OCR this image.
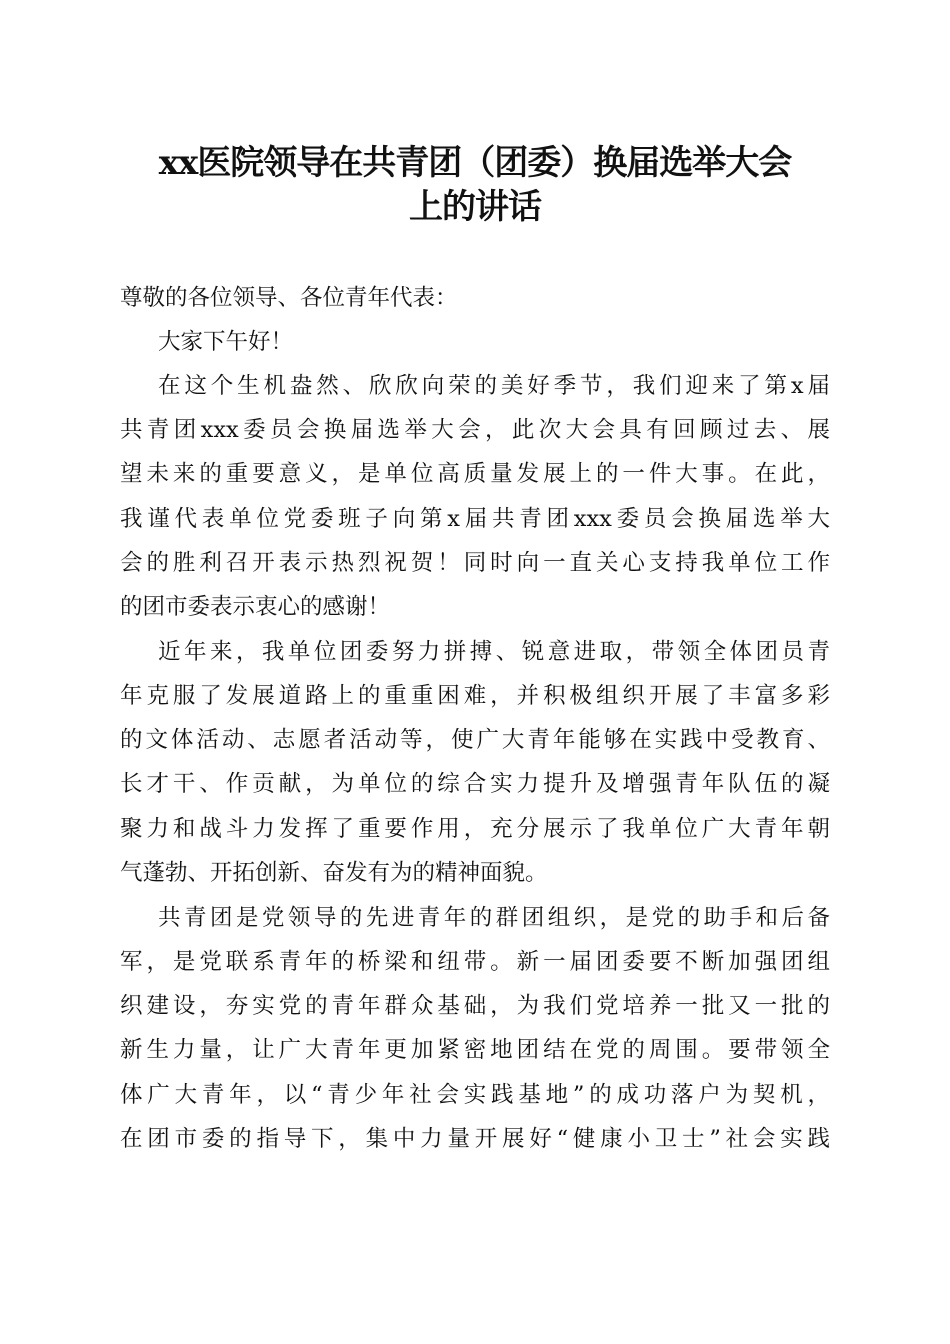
xx医院领导在共青团（团委）换届选举大会
上的讲话
尊敬的各位领导、各位青年代表：
大家下午好！
在这个生机盎然、欣欣向荣的美好季节，我们迎来了第x届
共青团xxx委员会换届选举大会，此次大会具有回顾过去、展
望未来的重要意义，是单位高质量发展上的一件大事。在此，
我谨代表单位党委班子向第x届共青团xxx委员会换届选举大
会的胜利召开表示热烈祝贺！同时向一直关心支持我单位工作
的团市委表示衷心的感谢！
近年来，我单位团委努力拼搏、锐意进取，带领全体团员青
年克服了发展道路上的重重困难，并积极组织开展了丰富多彩
的文体活动、志愿者活动等，使广大青年能够在实践中受教育、
长才干、作贡献，为单位的综合实力提升及增强青年队伍的凝
聚力和战斗力发挥了重要作用，充分展示了我单位广大青年朝
气蓬勃、开拓创新、奋发有为的精神面貌。
共青团是党领导的先进青年的群团组织，是党的助手和后备
军，是党联系青年的桥梁和纽带。新一届团委要不断加强团组
织建设，夯实党的青年群众基础，为我们党培养一批又一批的
新生力量，让广大青年更加紧密地团结在党的周围。要带领全
体广大青年，以“青少年社会实践基地”的成功落户为契机，
在团市委的指导下，集中力量开展好“健康小卫士”社会实践
